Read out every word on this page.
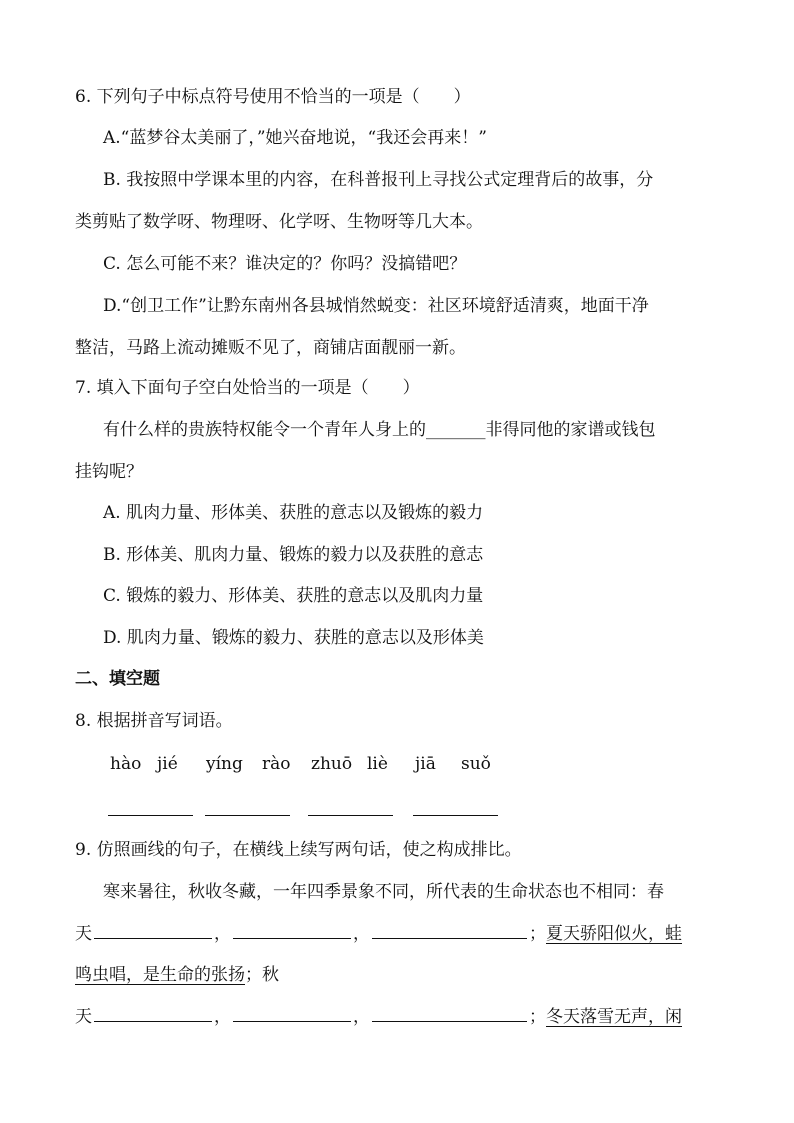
6. 下列句子中标点符号使用不恰当的一项是（　　）
A.“蓝梦谷太美丽了，”她兴奋地说，“我还会再来！”
B. 我按照中学课本里的内容，在科普报刊上寻找公式定理背后的故事，分
类剪贴了数学呀、物理呀、化学呀、生物呀等几大本。
C. 怎么可能不来？谁决定的？你吗？没搞错吧？
D.“创卫工作”让黔东南州各县城悄然蜕变：社区环境舒适清爽，地面干净
整洁，马路上流动摊贩不见了，商铺店面靓丽一新。
7. 填入下面句子空白处恰当的一项是（　　）
有什么样的贵族特权能令一个青年人身上的_______非得同他的家谱或钱包
挂钩呢？
A. 肌肉力量、形体美、获胜的意志以及锻炼的毅力
B. 形体美、肌肉力量、锻炼的毅力以及获胜的意志
C. 锻炼的毅力、形体美、获胜的意志以及肌肉力量
D. 肌肉力量、锻炼的毅力、获胜的意志以及形体美
二、填空题
8. 根据拼音写词语。
hào jié yíng rào zhuō liè jiā suǒ
9. 仿照画线的句子，在横线上续写两句话，使之构成排比。
寒来暑往，秋收冬藏，一年四季景象不同，所代表的生命状态也不相同：春
天	，	，	；夏天骄阳似火，蛙
鸣虫唱，是生命的张扬；秋
天	，	，	；冬天落雪无声，闲
